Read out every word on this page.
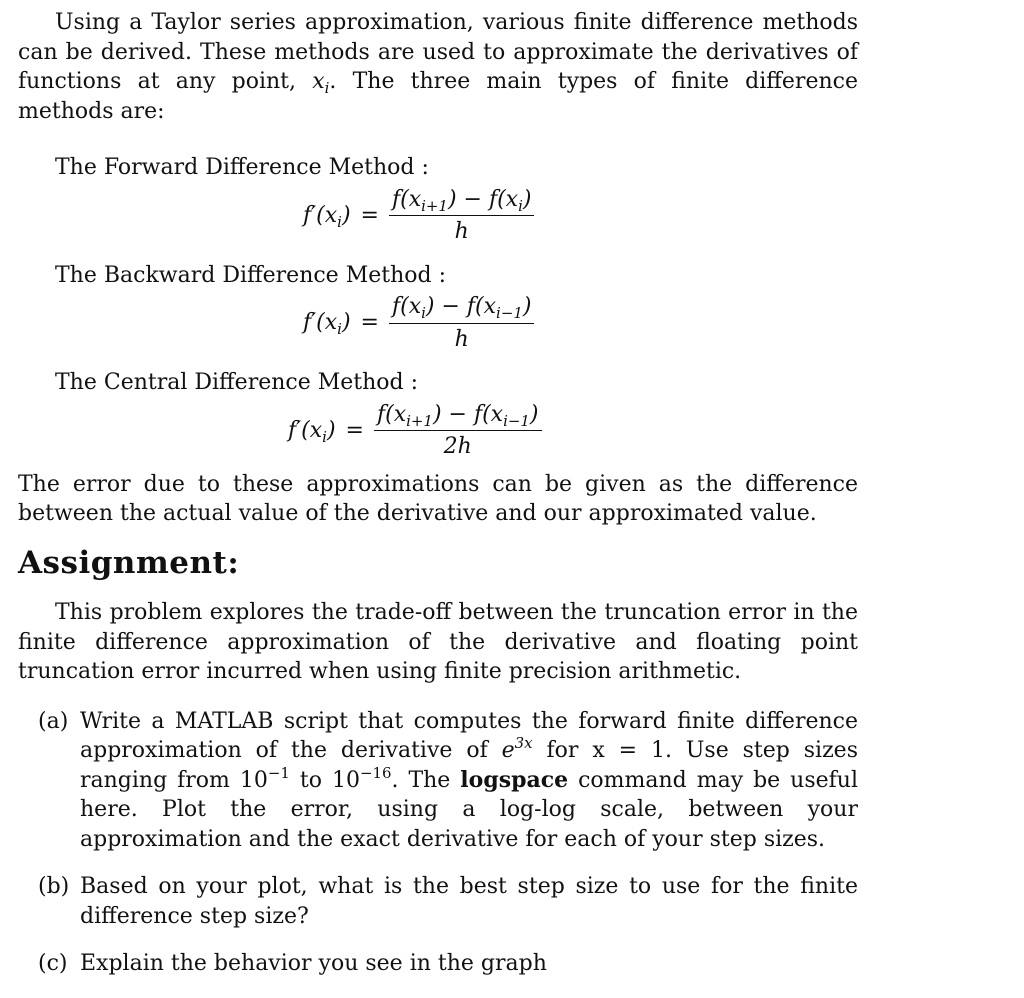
Using a Taylor series approximation, various finite difference methods can be derived. These methods are used to approximate the derivatives of functions at any point, $x_i$. The three main types of finite difference methods are:

The Forward Difference Method :

$f'(x_i) = \frac{f(x_{i+1}) - f(x_i)}{h}$

The Backward Difference Method :

$f'(x_i) = \frac{f(x_i) - f(x_{i-1})}{h}$

The Central Difference Method :

$f'(x_i) = \frac{f(x_{i+1}) - f(x_{i-1})}{2h}$

The error due to these approximations can be given as the difference between the actual value of the derivative and our approximated value.

Assignment:

This problem explores the trade-off between the truncation error in the finite difference approximation of the derivative and floating point truncation error incurred when using finite precision arithmetic.

(a) Write a MATLAB script that computes the forward finite difference approximation of the derivative of $e^{3x}$ for x = 1. Use step sizes ranging from $10^{-1}$ to $10^{-16}$. The logspace command may be useful here. Plot the error, using a log-log scale, between your approximation and the exact derivative for each of your step sizes.
(b) Based on your plot, what is the best step size to use for the finite difference step size?
(c) Explain the behavior you see in the graph
